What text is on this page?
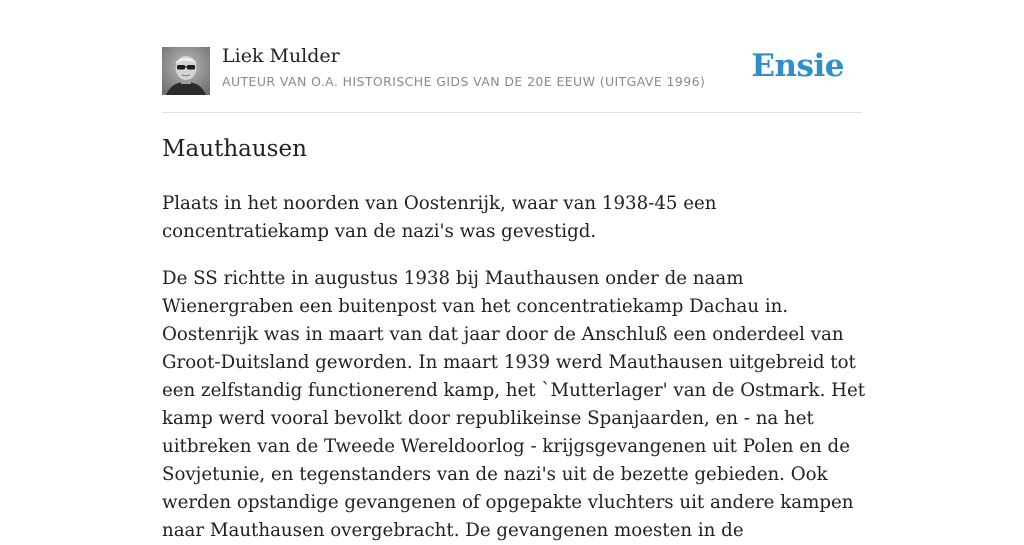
Liek Mulder
AUTEUR VAN O.A. HISTORISCHE GIDS VAN DE 20E EEUW (UITGAVE 1996) Ensie
Mauthausen

Plaats in het noorden van Oostenrijk, waar van 1938-45 een concentratiekamp van de nazi's was gevestigd.

De SS richtte in augustus 1938 bij Mauthausen onder de naam Wienergraben een buitenpost van het concentratiekamp Dachau in. Oostenrijk was in maart van dat jaar door de Anschluß een onderdeel van Groot-Duitsland geworden. In maart 1939 werd Mauthausen uitgebreid tot een zelfstandig functionerend kamp, het `Mutterlager' van de Ostmark. Het kamp werd vooral bevolkt door republikeinse Spanjaarden, en - na het uitbreken van de Tweede Wereldoorlog - krijgsgevangenen uit Polen en de Sovjetunie, en tegenstanders van de nazi's uit de bezette gebieden. Ook werden opstandige gevangenen of opgepakte vluchters uit andere kampen naar Mauthausen overgebracht. De gevangenen moesten in de
